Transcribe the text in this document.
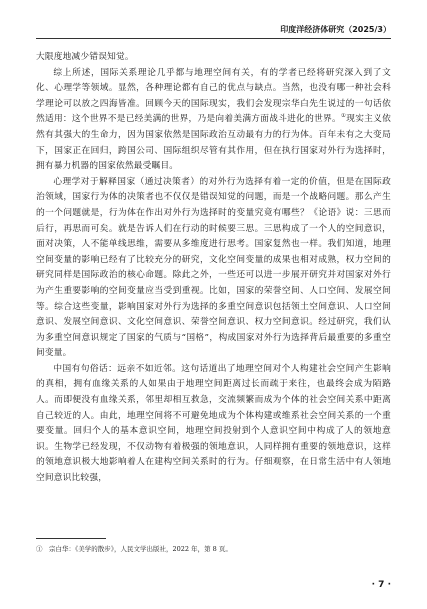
印度洋经济体研究（2025/3）

大限度地减少错误知觉。

综上所述，国际关系理论几乎都与地理空间有关，有的学者已经将研究深入到了文化、心理学等领域。显然，各种理论都有自己的优点与缺点。当然，也没有哪一种社会科学理论可以放之四海皆准。回顾今天的国际现实，我们会发现宗华白先生说过的一句话依然适用：这个世界不是已经美满的世界，乃是向着美满方面战斗进化的世界。①现实主义依然有其强大的生命力，因为国家依然是国际政治互动最有力的行为体。百年未有之大变局下，国家正在回归，跨国公司、国际组织尽管有其作用，但在执行国家对外行为选择时，拥有暴力机器的国家依然最受瞩目。

心理学对于解释国家（通过决策者）的对外行为选择有着一定的价值，但是在国际政治领域，国家行为体的决策者也不仅仅是错误知觉的问题，而是一个战略问题。那么产生的一个问题就是，行为体在作出对外行为选择时的变量究竟有哪些？《论语》说：三思而后行，再思而可矣。就是告诉人们在行动的时候要三思。三思构成了一个人的空间意识，面对决策，人不能单线思维，需要从多维度进行思考。国家复然也一样。我们知道，地理空间变量的影响已经有了比较充分的研究，文化空间变量的成果也相对成熟，权力空间的研究同样是国际政治的核心命题。除此之外，一些还可以进一步展开研究并对国家对外行为产生重要影响的空间变量应当受到重视。比如，国家的荣誉空间、人口空间、发展空间等。综合这些变量，影响国家对外行为选择的多重空间意识包括领土空间意识、人口空间意识、发展空间意识、文化空间意识、荣誉空间意识、权力空间意识。经过研究，我们认为多重空间意识规定了国家的气质与“国格”，构成国家对外行为选择背后最重要的多重空间变量。

中国有句俗话：远亲不如近邻。这句话道出了地理空间对个人构建社会空间产生影响的真相，拥有血缘关系的人如果由于地理空间距离过长而疏于来往，也最终会成为陌路人。而即便没有血缘关系，邻里却相互救急，交流频繁而成为个体的社会空间关系中距离自己较近的人。由此，地理空间将不可避免地成为个体构建或维系社会空间关系的一个重要变量。回归个人的基本意识空间，地理空间投射到个人意识空间中构成了人的领地意识。生物学已经发现，不仅动物有着极强的领地意识，人同样拥有重要的领地意识，这样的领地意识极大地影响着人在建构空间关系时的行为。仔细观察，在日常生活中有人领地空间意识比较强，

①　宗白华：《美学的散步》，人民文学出版社，2022 年，第 8 页。
· 7 ·
